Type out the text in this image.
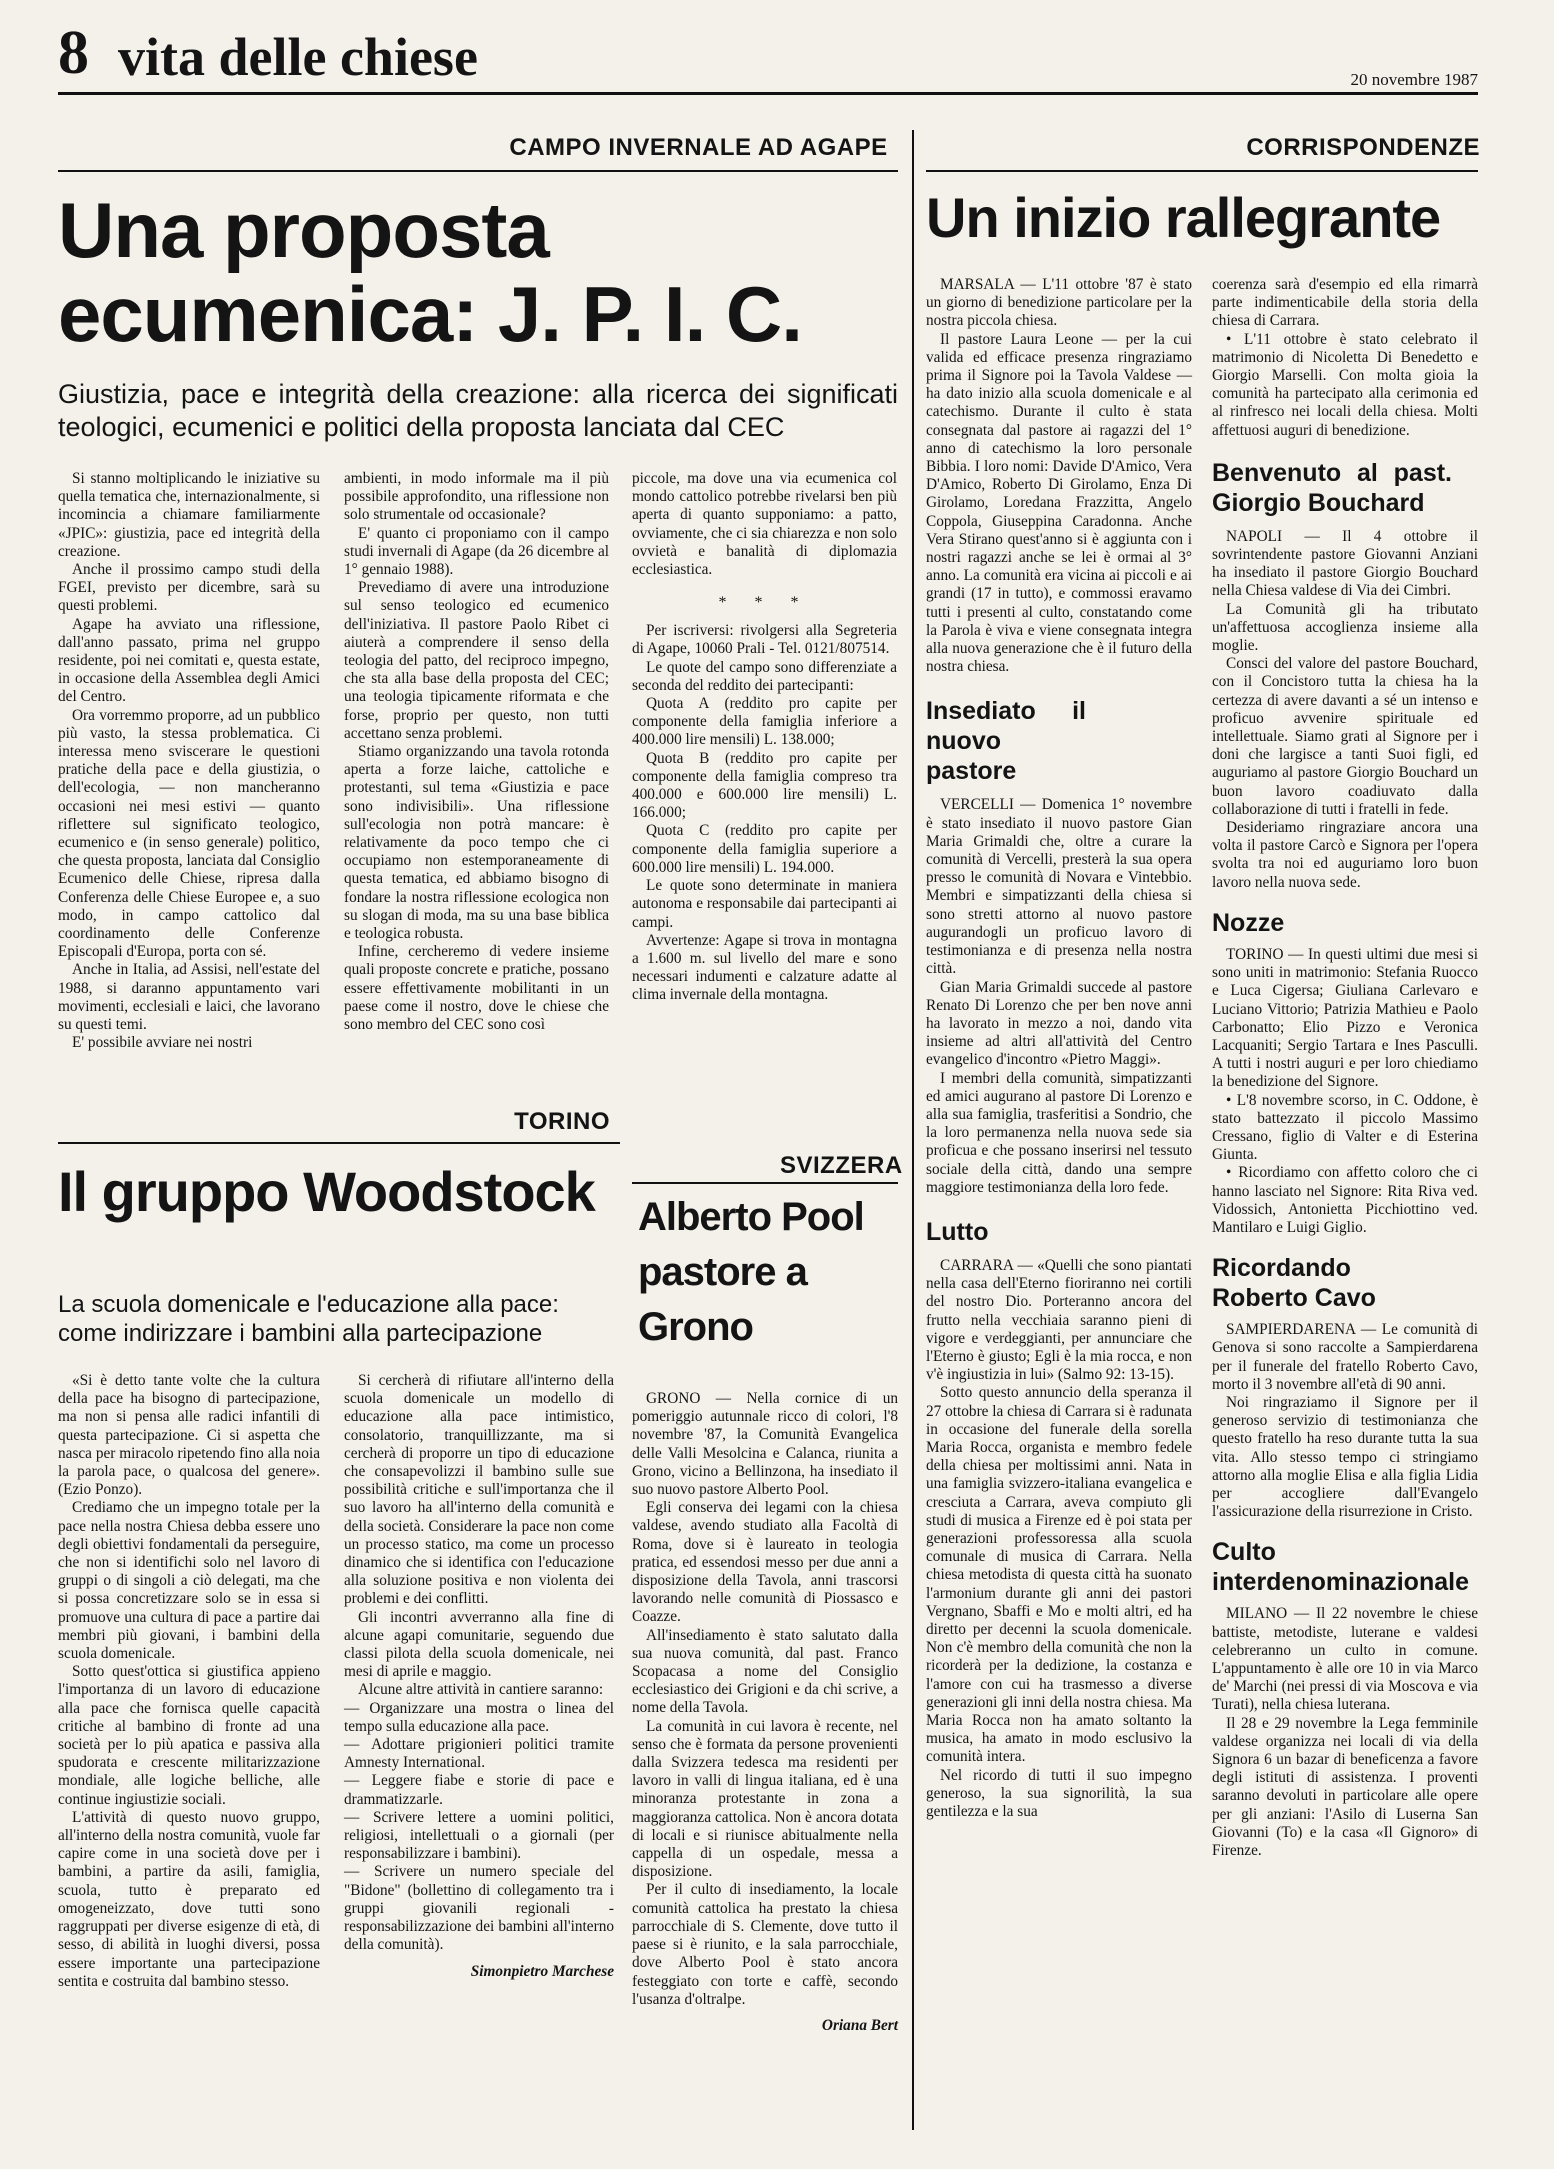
8 vita delle chiese	20 novembre 1987
CAMPO INVERNALE AD AGAPE
Una proposta ecumenica: J. P. I. C.
Giustizia, pace e integrità della creazione: alla ricerca dei significati teologici, ecumenici e politici della proposta lanciata dal CEC

Si stanno moltiplicando le iniziative su quella tematica che, internazionalmente, si incomincia a chiamare familiarmente «JPIC»: giustizia, pace ed integrità della creazione.

Anche il prossimo campo studi della FGEI, previsto per dicembre, sarà su questi problemi.

Agape ha avviato una riflessione, dall'anno passato, prima nel gruppo residente, poi nei comitati e, questa estate, in occasione della Assemblea degli Amici del Centro.

Ora vorremmo proporre, ad un pubblico più vasto, la stessa problematica. Ci interessa meno sviscerare le questioni pratiche della pace e della giustizia, o dell'ecologia, — non mancheranno occasioni nei mesi estivi — quanto riflettere sul significato teologico, ecumenico e (in senso generale) politico, che questa proposta, lanciata dal Consiglio Ecumenico delle Chiese, ripresa dalla Conferenza delle Chiese Europee e, a suo modo, in campo cattolico dal coordinamento delle Conferenze Episcopali d'Europa, porta con sé.

Anche in Italia, ad Assisi, nell'estate del 1988, si daranno appuntamento vari movimenti, ecclesiali e laici, che lavorano su questi temi.

E' possibile avviare nei nostri

ambienti, in modo informale ma il più possibile approfondito, una riflessione non solo strumentale od occasionale?

E' quanto ci proponiamo con il campo studi invernali di Agape (da 26 dicembre al 1° gennaio 1988).

Prevediamo di avere una introduzione sul senso teologico ed ecumenico dell'iniziativa. Il pastore Paolo Ribet ci aiuterà a comprendere il senso della teologia del patto, del reciproco impegno, che sta alla base della proposta del CEC; una teologia tipicamente riformata e che forse, proprio per questo, non tutti accettano senza problemi.

Stiamo organizzando una tavola rotonda aperta a forze laiche, cattoliche e protestanti, sul tema «Giustizia e pace sono indivisibili». Una riflessione sull'ecologia non potrà mancare: è relativamente da poco tempo che ci occupiamo non estemporaneamente di questa tematica, ed abbiamo bisogno di fondare la nostra riflessione ecologica non su slogan di moda, ma su una base biblica e teologica robusta.

Infine, cercheremo di vedere insieme quali proposte concrete e pratiche, possano essere effettivamente mobilitanti in un paese come il nostro, dove le chiese che sono membro del CEC sono così

piccole, ma dove una via ecumenica col mondo cattolico potrebbe rivelarsi ben più aperta di quanto supponiamo: a patto, ovviamente, che ci sia chiarezza e non solo ovvietà e banalità di diplomazia ecclesiastica.

* * *

Per iscriversi: rivolgersi alla Segreteria di Agape, 10060 Prali - Tel. 0121/807514.

Le quote del campo sono differenziate a seconda del reddito dei partecipanti:

Quota A (reddito pro capite per componente della famiglia inferiore a 400.000 lire mensili) L. 138.000;

Quota B (reddito pro capite per componente della famiglia compreso tra 400.000 e 600.000 lire mensili) L. 166.000;

Quota C (reddito pro capite per componente della famiglia superiore a 600.000 lire mensili) L. 194.000.

Le quote sono determinate in maniera autonoma e responsabile dai partecipanti ai campi.

Avvertenze: Agape si trova in montagna a 1.600 m. sul livello del mare e sono necessari indumenti e calzature adatte al clima invernale della montagna.

TORINO
Il gruppo Woodstock
La scuola domenicale e l'educazione alla pace: come indirizzare i bambini alla partecipazione

«Si è detto tante volte che la cultura della pace ha bisogno di partecipazione, ma non si pensa alle radici infantili di questa partecipazione. Ci si aspetta che nasca per miracolo ripetendo fino alla noia la parola pace, o qualcosa del genere». (Ezio Ponzo).

Crediamo che un impegno totale per la pace nella nostra Chiesa debba essere uno degli obiettivi fondamentali da perseguire, che non si identifichi solo nel lavoro di gruppi o di singoli a ciò delegati, ma che si possa concretizzare solo se in essa si promuove una cultura di pace a partire dai membri più giovani, i bambini della scuola domenicale.

Sotto quest'ottica si giustifica appieno l'importanza di un lavoro di educazione alla pace che fornisca quelle capacità critiche al bambino di fronte ad una società per lo più apatica e passiva alla spudorata e crescente militarizzazione mondiale, alle logiche belliche, alle continue ingiustizie sociali.

L'attività di questo nuovo gruppo, all'interno della nostra comunità, vuole far capire come in una società dove per i bambini, a partire da asili, famiglia, scuola, tutto è preparato ed omogeneizzato, dove tutti sono raggruppati per diverse esigenze di età, di sesso, di abilità in luoghi diversi, possa essere importante una partecipazione sentita e costruita dal bambino stesso.

Si cercherà di rifiutare all'interno della scuola domenicale un modello di educazione alla pace intimistico, consolatorio, tranquillizzante, ma si cercherà di proporre un tipo di educazione che consapevolizzi il bambino sulle sue possibilità critiche e sull'importanza che il suo lavoro ha all'interno della comunità e della società. Considerare la pace non come un processo statico, ma come un processo dinamico che si identifica con l'educazione alla soluzione positiva e non violenta dei problemi e dei conflitti.

Gli incontri avverranno alla fine di alcune agapi comunitarie, seguendo due classi pilota della scuola domenicale, nei mesi di aprile e maggio.

Alcune altre attività in cantiere saranno:

— Organizzare una mostra o linea del tempo sulla educazione alla pace.

— Adottare prigionieri politici tramite Amnesty International.

— Leggere fiabe e storie di pace e drammatizzarle.

— Scrivere lettere a uomini politici, religiosi, intellettuali o a giornali (per responsabilizzare i bambini).

— Scrivere un numero speciale del "Bidone" (bollettino di collegamento tra i gruppi giovanili regionali - responsabilizzazione dei bambini all'interno della comunità).

Simonpietro Marchese
SVIZZERA
Alberto Pool pastore a Grono

GRONO — Nella cornice di un pomeriggio autunnale ricco di colori, l'8 novembre '87, la Comunità Evangelica delle Valli Mesolcina e Calanca, riunita a Grono, vicino a Bellinzona, ha insediato il suo nuovo pastore Alberto Pool.

Egli conserva dei legami con la chiesa valdese, avendo studiato alla Facoltà di Roma, dove si è laureato in teologia pratica, ed essendosi messo per due anni a disposizione della Tavola, anni trascorsi lavorando nelle comunità di Piossasco e Coazze.

All'insediamento è stato salutato dalla sua nuova comunità, dal past. Franco Scopacasa a nome del Consiglio ecclesiastico dei Grigioni e da chi scrive, a nome della Tavola.

La comunità in cui lavora è recente, nel senso che è formata da persone provenienti dalla Svizzera tedesca ma residenti per lavoro in valli di lingua italiana, ed è una minoranza protestante in zona a maggioranza cattolica. Non è ancora dotata di locali e si riunisce abitualmente nella cappella di un ospedale, messa a disposizione.

Per il culto di insediamento, la locale comunità cattolica ha prestato la chiesa parrocchiale di S. Clemente, dove tutto il paese si è riunito, e la sala parrocchiale, dove Alberto Pool è stato ancora festeggiato con torte e caffè, secondo l'usanza d'oltralpe.

Oriana Bert
CORRISPONDENZE
Un inizio rallegrante

MARSALA — L'11 ottobre '87 è stato un giorno di benedizione particolare per la nostra piccola chiesa.

Il pastore Laura Leone — per la cui valida ed efficace presenza ringraziamo prima il Signore poi la Tavola Valdese — ha dato inizio alla scuola domenicale e al catechismo. Durante il culto è stata consegnata dal pastore ai ragazzi del 1° anno di catechismo la loro personale Bibbia. I loro nomi: Davide D'Amico, Vera D'Amico, Roberto Di Girolamo, Enza Di Girolamo, Loredana Frazzitta, Angelo Coppola, Giuseppina Caradonna. Anche Vera Stirano quest'anno si è aggiunta con i nostri ragazzi anche se lei è ormai al 3° anno. La comunità era vicina ai piccoli e ai grandi (17 in tutto), e commossi eravamo tutti i presenti al culto, constatando come la Parola è viva e viene consegnata integra alla nuova generazione che è il futuro della nostra chiesa.

Insediato il nuovo pastore

VERCELLI — Domenica 1° novembre è stato insediato il nuovo pastore Gian Maria Grimaldi che, oltre a curare la comunità di Vercelli, presterà la sua opera presso le comunità di Novara e Vintebbio. Membri e simpatizzanti della chiesa si sono stretti attorno al nuovo pastore augurandogli un proficuo lavoro di testimonianza e di presenza nella nostra città.

Gian Maria Grimaldi succede al pastore Renato Di Lorenzo che per ben nove anni ha lavorato in mezzo a noi, dando vita insieme ad altri all'attività del Centro evangelico d'incontro «Pietro Maggi».

I membri della comunità, simpatizzanti ed amici augurano al pastore Di Lorenzo e alla sua famiglia, trasferitisi a Sondrio, che la loro permanenza nella nuova sede sia proficua e che possano inserirsi nel tessuto sociale della città, dando una sempre maggiore testimonianza della loro fede.

Lutto

CARRARA — «Quelli che sono piantati nella casa dell'Eterno fioriranno nei cortili del nostro Dio. Porteranno ancora del frutto nella vecchiaia saranno pieni di vigore e verdeggianti, per annunciare che l'Eterno è giusto; Egli è la mia rocca, e non v'è ingiustizia in lui» (Salmo 92: 13-15).

Sotto questo annuncio della speranza il 27 ottobre la chiesa di Carrara si è radunata in occasione del funerale della sorella Maria Rocca, organista e membro fedele della chiesa per moltissimi anni. Nata in una famiglia svizzero-italiana evangelica e cresciuta a Carrara, aveva compiuto gli studi di musica a Firenze ed è poi stata per generazioni professoressa alla scuola comunale di musica di Carrara. Nella chiesa metodista di questa città ha suonato l'armonium durante gli anni dei pastori Vergnano, Sbaffi e Mo e molti altri, ed ha diretto per decenni la scuola domenicale. Non c'è membro della comunità che non la ricorderà per la dedizione, la costanza e l'amore con cui ha trasmesso a diverse generazioni gli inni della nostra chiesa. Ma Maria Rocca non ha amato soltanto la musica, ha amato in modo esclusivo la comunità intera.

Nel ricordo di tutti il suo impegno generoso, la sua signorilità, la sua gentilezza e la sua

coerenza sarà d'esempio ed ella rimarrà parte indimenticabile della storia della chiesa di Carrara.

• L'11 ottobre è stato celebrato il matrimonio di Nicoletta Di Benedetto e Giorgio Marselli. Con molta gioia la comunità ha partecipato alla cerimonia ed al rinfresco nei locali della chiesa. Molti affettuosi auguri di benedizione.

Benvenuto al past. Giorgio Bouchard

NAPOLI — Il 4 ottobre il sovrintendente pastore Giovanni Anziani ha insediato il pastore Giorgio Bouchard nella Chiesa valdese di Via dei Cimbri.

La Comunità gli ha tributato un'affettuosa accoglienza insieme alla moglie.

Consci del valore del pastore Bouchard, con il Concistoro tutta la chiesa ha la certezza di avere davanti a sé un intenso e proficuo avvenire spirituale ed intellettuale. Siamo grati al Signore per i doni che largisce a tanti Suoi figli, ed auguriamo al pastore Giorgio Bouchard un buon lavoro coadiuvato dalla collaborazione di tutti i fratelli in fede.

Desideriamo ringraziare ancora una volta il pastore Carcò e Signora per l'opera svolta tra noi ed auguriamo loro buon lavoro nella nuova sede.

Nozze

TORINO — In questi ultimi due mesi si sono uniti in matrimonio: Stefania Ruocco e Luca Cigersa; Giuliana Carlevaro e Luciano Vittorio; Patrizia Mathieu e Paolo Carbonatto; Elio Pizzo e Veronica Lacquaniti; Sergio Tartara e Ines Pasculli. A tutti i nostri auguri e per loro chiediamo la benedizione del Signore.

• L'8 novembre scorso, in C. Oddone, è stato battezzato il piccolo Massimo Cressano, figlio di Valter e di Esterina Giunta.

• Ricordiamo con affetto coloro che ci hanno lasciato nel Signore: Rita Riva ved. Vidossich, Antonietta Picchiottino ved. Mantilaro e Luigi Giglio.

Ricordando Roberto Cavo

SAMPIERDARENA — Le comunità di Genova si sono raccolte a Sampierdarena per il funerale del fratello Roberto Cavo, morto il 3 novembre all'età di 90 anni.

Noi ringraziamo il Signore per il generoso servizio di testimonianza che questo fratello ha reso durante tutta la sua vita. Allo stesso tempo ci stringiamo attorno alla moglie Elisa e alla figlia Lidia per accogliere dall'Evangelo l'assicurazione della risurrezione in Cristo.

Culto interdenominazionale

MILANO — Il 22 novembre le chiese battiste, metodiste, luterane e valdesi celebreranno un culto in comune. L'appuntamento è alle ore 10 in via Marco de' Marchi (nei pressi di via Moscova e via Turati), nella chiesa luterana.

Il 28 e 29 novembre la Lega femminile valdese organizza nei locali di via della Signora 6 un bazar di beneficenza a favore degli istituti di assistenza. I proventi saranno devoluti in particolare alle opere per gli anziani: l'Asilo di Luserna San Giovanni (To) e la casa «Il Gignoro» di Firenze.
